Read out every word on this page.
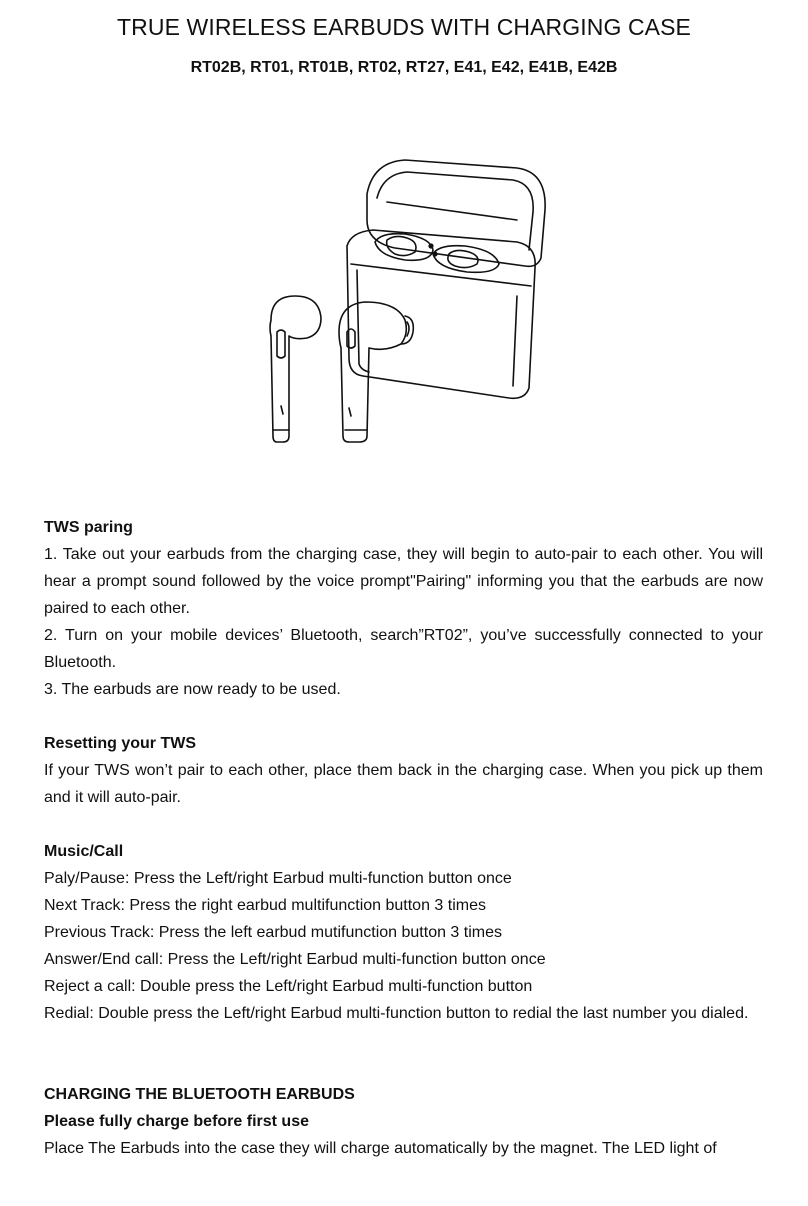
TRUE WIRELESS EARBUDS WITH CHARGING CASE
RT02B, RT01, RT01B, RT02, RT27, E41, E42, E41B, E42B

TWS paring

1. Take out your earbuds from the charging case, they will begin to auto-pair to each other. You will hear a prompt sound followed by the voice prompt"Pairing" informing you that the earbuds are now paired to each other.

2. Turn on your mobile devices’ Bluetooth, search”RT02”, you’ve successfully connected to your Bluetooth.

3. The earbuds are now ready to be used.

Resetting your TWS

If your TWS won’t pair to each other, place them back in the charging case. When you pick up them and it will auto-pair.

Music/Call

Paly/Pause: Press the Left/right Earbud multi-function button once

Next Track: Press the right earbud multifunction button 3 times

Previous Track: Press the left earbud mutifunction button 3 times

Answer/End call: Press the Left/right Earbud multi-function button once

Reject a call: Double press the Left/right Earbud multi-function button

Redial: Double press the Left/right Earbud multi-function button to redial the last number you dialed.

CHARGING THE BLUETOOTH EARBUDS

Please fully charge before first use

Place The Earbuds into the case they will charge automatically by the magnet. The LED light of
